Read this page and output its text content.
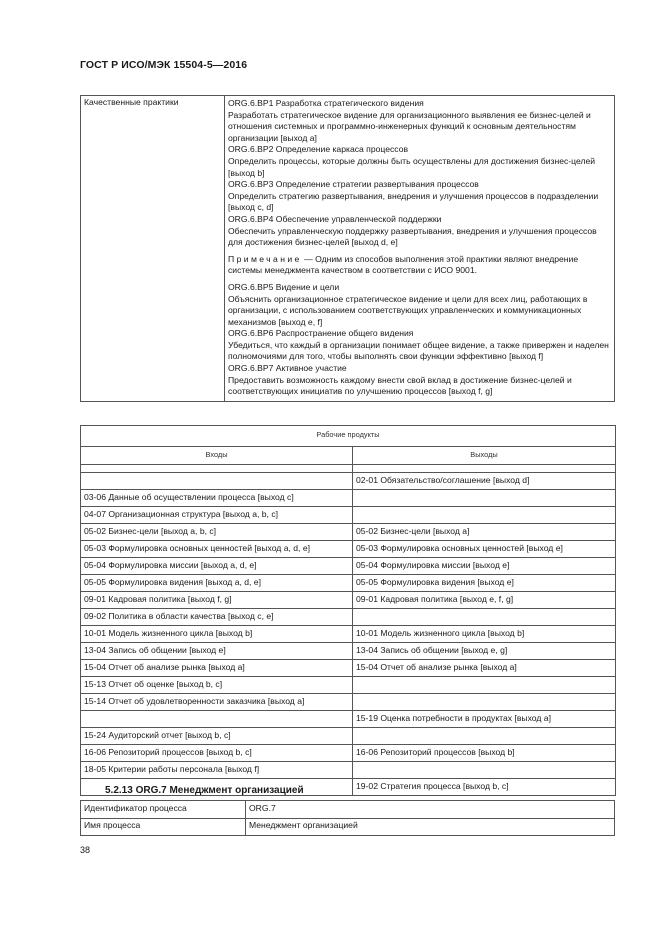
ГОСТ Р ИСО/МЭК 15504-5—2016
Качественные практики	ORG.6.BP1 Разработка стратегического видения

Разработать стратегическое видение для организационного выявления ее бизнес-целей и отношения системных и программно-инженерных функций к основным деятельностям организации [выход a]

ORG.6.BP2 Определение каркаса процессов

Определить процессы, которые должны быть осуществлены для достижения бизнес-целей [выход b]

ORG.6.BP3 Определение стратегии развертывания процессов

Определить стратегию развертывания, внедрения и улучшения процессов в подразделении [выход c, d]

ORG.6.BP4 Обеспечение управленческой поддержки

Обеспечить управленческую поддержку развертывания, внедрения и улучшения процессов для достижения бизнес-целей [выход d, e]

Примечание — Одним из способов выполнения этой практики являют внедрение системы менеджмента качеством в соответствии с ИСО 9001.

ORG.6.BP5 Видение и цели

Объяснить организационное стратегическое видение и цели для всех лиц, работающих в организации, с использованием соответствующих управленческих и коммуникационных механизмов [выход e, f]

ORG.6.BP6 Распространение общего видения

Убедиться, что каждый в организации понимает общее видение, а также привержен и наделен полномочиями для того, чтобы выполнять свои функции эффективно [выход f]

ORG.6.BP7 Активное участие

Предоставить возможность каждому внести свой вклад в достижение бизнес-целей и соответствующих инициатив по улучшению процессов [выход f, g]

Рабочие продукты	
Входы	Выходы

	02-01 Обязательство/соглашение [выход d]
03-06 Данные об осуществлении процесса [выход c]	
04-07 Организационная структура [выход a, b, c]	
05-02 Бизнес-цели [выход a, b, c]	05-02 Бизнес-цели [выход a]
05-03 Формулировка основных ценностей [выход a, d, e]	05-03 Формулировка основных ценностей [выход e]
05-04 Формулировка миссии [выход a, d, e]	05-04 Формулировка миссии [выход e]
05-05 Формулировка видения [выход a, d, e]	05-05 Формулировка видения [выход e]
09-01 Кадровая политика [выход f, g]	09-01 Кадровая политика [выход e, f, g]
09-02 Политика в области качества [выход c, e]	
10-01 Модель жизненного цикла [выход b]	10-01 Модель жизненного цикла [выход b]
13-04 Запись об общении [выход e]	13-04 Запись об общении [выход e, g]
15-04 Отчет об анализе рынка [выход a]	15-04 Отчет об анализе рынка [выход a]
15-13 Отчет об оценке [выход b, c]	
15-14 Отчет об удовлетворенности заказчика [выход a]	
	15-19 Оценка потребности в продуктах [выход a]
15-24 Аудиторский отчет [выход b, c]	
16-06 Репозиторий процессов [выход b, c]	16-06 Репозиторий процессов [выход b]
18-05 Критерии работы персонала [выход f]	
	19-02 Стратегия процесса [выход b, c]
5.2.13 ORG.7 Менеджмент организацией
Идентификатор процесса	ORG.7
Имя процесса	Менеджмент организацией
38
